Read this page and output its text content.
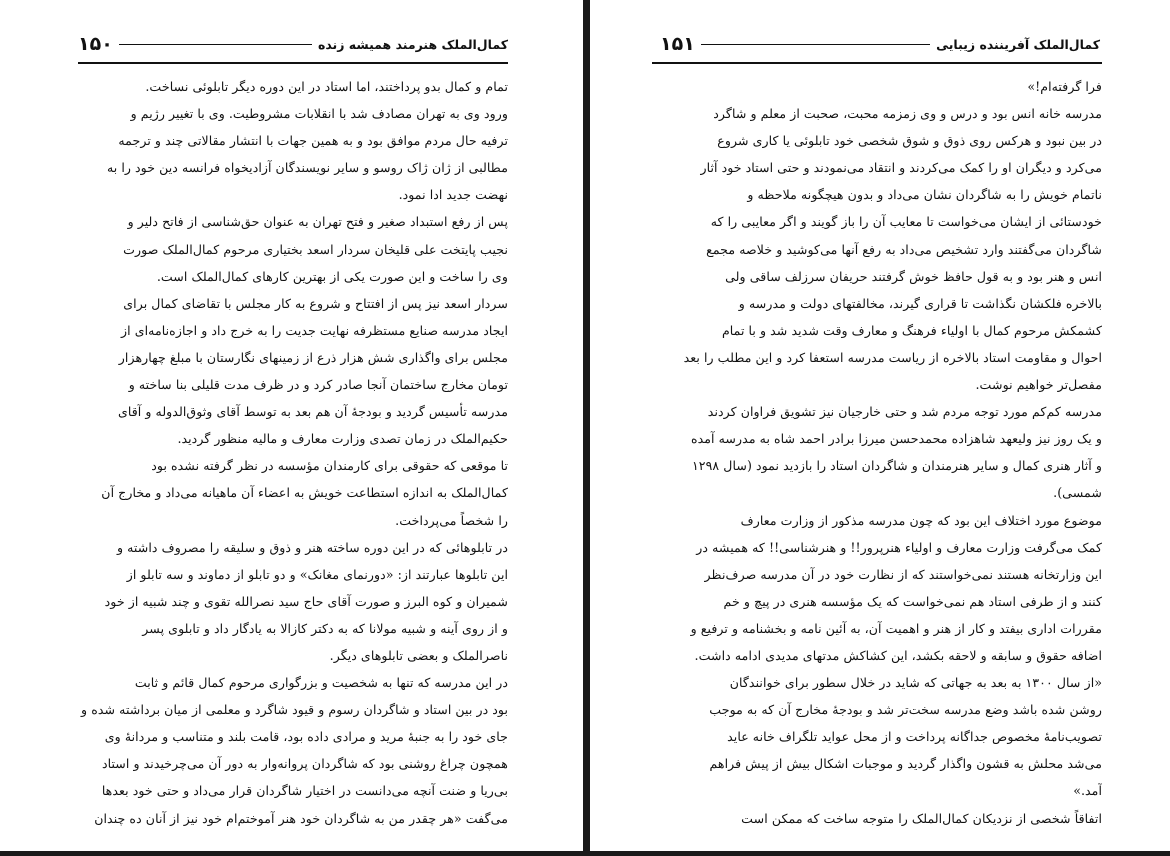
کمال‌الملک هنرمند همیشه زنده
۱۵۰
تمام و کمال بدو پرداختند، اما استاد در این دوره دیگر تابلوئی نساخت.
ورود وی به تهران مصادف شد با انقلابات مشروطیت. وی با تغییر رژیم و
ترفیه حال مردم موافق بود و به همین جهات با انتشار مقالاتی چند و ترجمه
مطالبی از ژان ژاک روسو و سایر نویسندگان آزادیخواه فرانسه دین خود را به
نهضت جدید ادا نمود.
پس از رفع استبداد صغیر و فتح تهران به عنوان حق‌شناسی از فاتح دلیر و
نجیب پایتخت علی قلیخان سردار اسعد بختیاری مرحوم کمال‌الملک صورت
وی را ساخت و این صورت یکی از بهترین کارهای کمال‌الملک است.
سردار اسعد نیز پس از افتتاح و شروع به کار مجلس با تقاضای کمال برای
ایجاد مدرسه صنایع مستظرفه نهایت جدیت را به خرج داد و اجازه‌نامه‌ای از
مجلس برای واگذاری شش هزار ذرع از زمینهای نگارستان با مبلغ چهارهزار
تومان مخارج ساختمان آنجا صادر کرد و در ظرف مدت قلیلی بنا ساخته و
مدرسه تأسیس گردید و بودجهٔ آن هم بعد به توسط آقای وثوق‌الدوله و آقای
حکیم‌الملک در زمان تصدی وزارت معارف و مالیه منظور گردید.
تا موقعی که حقوقی برای کارمندان مؤسسه در نظر گرفته نشده بود
کمال‌الملک به اندازه استطاعت خویش به اعضاء آن ماهیانه می‌داد و مخارج آن
را شخصاً می‌پرداخت.
در تابلوهائی که در این دوره ساخته هنر و ذوق و سلیقه را مصروف داشته و
این تابلوها عبارتند از: «دورنمای مغانک» و دو تابلو از دماوند و سه تابلو از
شمیران و کوه البرز و صورت آقای حاج سید نصرالله تقوی و چند شبیه از خود
و از روی آینه و شبیه مولانا که به دکتر کازالا به یادگار داد و تابلوی پسر
ناصرالملک و بعضی تابلوهای دیگر.
در این مدرسه که تنها به شخصیت و بزرگواری مرحوم کمال قائم و ثابت
بود در بین استاد و شاگردان رسوم و قیود شاگرد و معلمی از میان برداشته شده و
جای خود را به جنبهٔ مرید و مرادی داده بود، قامت بلند و متناسب و مردانهٔ وی
همچون چراغ روشنی بود که شاگردان پروانه‌وار به دور آن می‌چرخیدند و استاد
بی‌ریا و ضنت آنچه می‌دانست در اختیار شاگردان قرار می‌داد و حتی خود بعدها
می‌گفت «هر چقدر من به شاگردان خود هنر آموختم‌ام خود نیز از آنان ده چندان
کمال‌الملک آفریننده زیبایی
۱۵۱
فرا گرفته‌ام!»
مدرسه خانه انس بود و درس و وی زمزمه محبت، صحبت از معلم و شاگرد
در بین نبود و هرکس روی ذوق و شوق شخصی خود تابلوئی یا کاری شروع
می‌کرد و دیگران او را کمک می‌کردند و انتقاد می‌نمودند و حتی استاد خود آثار
ناتمام خویش را به شاگردان نشان می‌داد و بدون هیچگونه ملاحظه و
خودستائی از ایشان می‌خواست تا معایب آن را باز گویند و اگر معایبی را که
شاگردان می‌گفتند وارد تشخیص می‌داد به رفع آنها می‌کوشید و خلاصه مجمع
انس و هنر بود و به قول حافظ خوش گرفتند حریفان سرزلف ساقی ولی
بالاخره فلکشان نگذاشت تا قراری گیرند، مخالفتهای دولت و مدرسه و
کشمکش مرحوم کمال با اولیاء فرهنگ و معارف وقت شدید شد و با تمام
احوال و مقاومت استاد بالاخره از ریاست مدرسه استعفا کرد و این مطلب را بعد
مفصل‌تر خواهیم نوشت.
مدرسه کم‌کم مورد توجه مردم شد و حتی خارجیان نیز تشویق فراوان کردند
و یک روز نیز ولیعهد شاهزاده محمدحسن میرزا برادر احمد شاه به مدرسه آمده
و آثار هنری کمال و سایر هنرمندان و شاگردان استاد را بازدید نمود (سال ۱۲۹۸
شمسی).
موضوع مورد اختلاف این بود که چون مدرسه مذکور از وزارت معارف
کمک می‌گرفت وزارت معارف و اولیاء هنرپرور!! و هنرشناسی!! که همیشه در
این وزارتخانه هستند نمی‌خواستند که از نظارت خود در آن مدرسه صرف‌نظر
کنند و از طرفی استاد هم نمی‌خواست که یک مؤسسه هنری در پیچ و خم
مقررات اداری بیفتد و کار از هنر و اهمیت آن، به آئین نامه و بخشنامه و ترفیع و
اضافه حقوق و سابقه و لاحقه بکشد، این کشاکش مدتهای مدیدی ادامه داشت.
«از سال ۱۳۰۰ به بعد به جهاتی که شاید در خلال سطور برای خوانندگان
روشن شده باشد وضع مدرسه سخت‌تر شد و بودجهٔ مخارج آن که به موجب
تصویب‌نامهٔ مخصوص جداگانه پرداخت و از محل عواید تلگراف خانه عاید
می‌شد محلش به قشون واگذار گردید و موجبات اشکال بیش از پیش فراهم
آمد.»
اتفاقاً شخصی از نزدیکان کمال‌الملک را متوجه ساخت که ممکن است
